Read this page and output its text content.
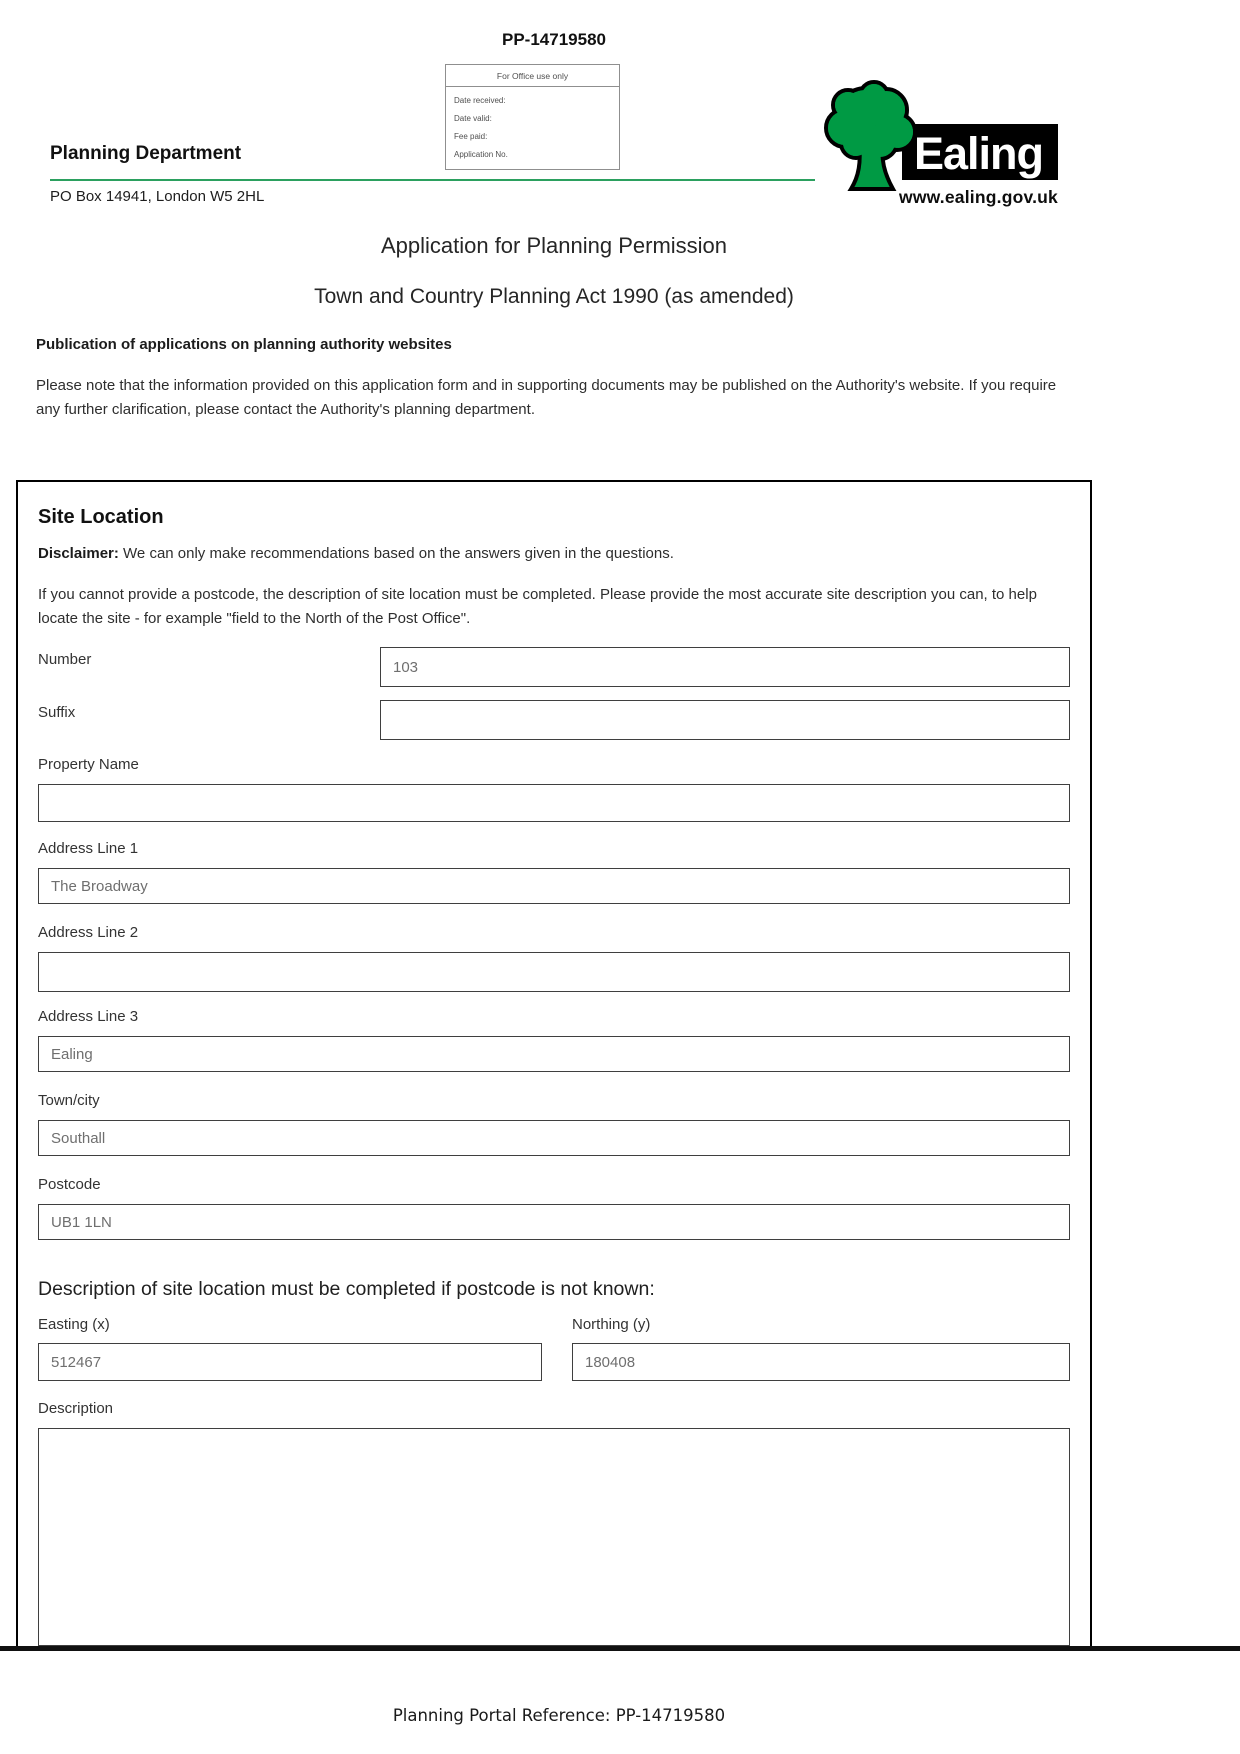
PP-14719580
For Office use only
Date received:
Date valid:
Fee paid:
Application No.
Planning Department
PO Box 14941, London W5 2HL
Ealing
www.ealing.gov.uk
Application for Planning Permission
Town and Country Planning Act 1990 (as amended)
Publication of applications on planning authority websites
Please note that the information provided on this application form and in supporting documents may be published on the Authority's website. If you require any further clarification, please contact the Authority's planning department.
Site Location

Disclaimer: We can only make recommendations based on the answers given in the questions.

If you cannot provide a postcode, the description of site location must be completed. Please provide the most accurate site description you can, to help locate the site - for example "field to the North of the Post Office".

Number
103
Suffix
Property Name
Address Line 1
The Broadway
Address Line 2
Address Line 3
Ealing
Town/city
Southall
Postcode
UB1 1LN
Description of site location must be completed if postcode is not known:
Easting (x)
512467	Northing (y)
180408
Description
Planning Portal Reference: PP-14719580
